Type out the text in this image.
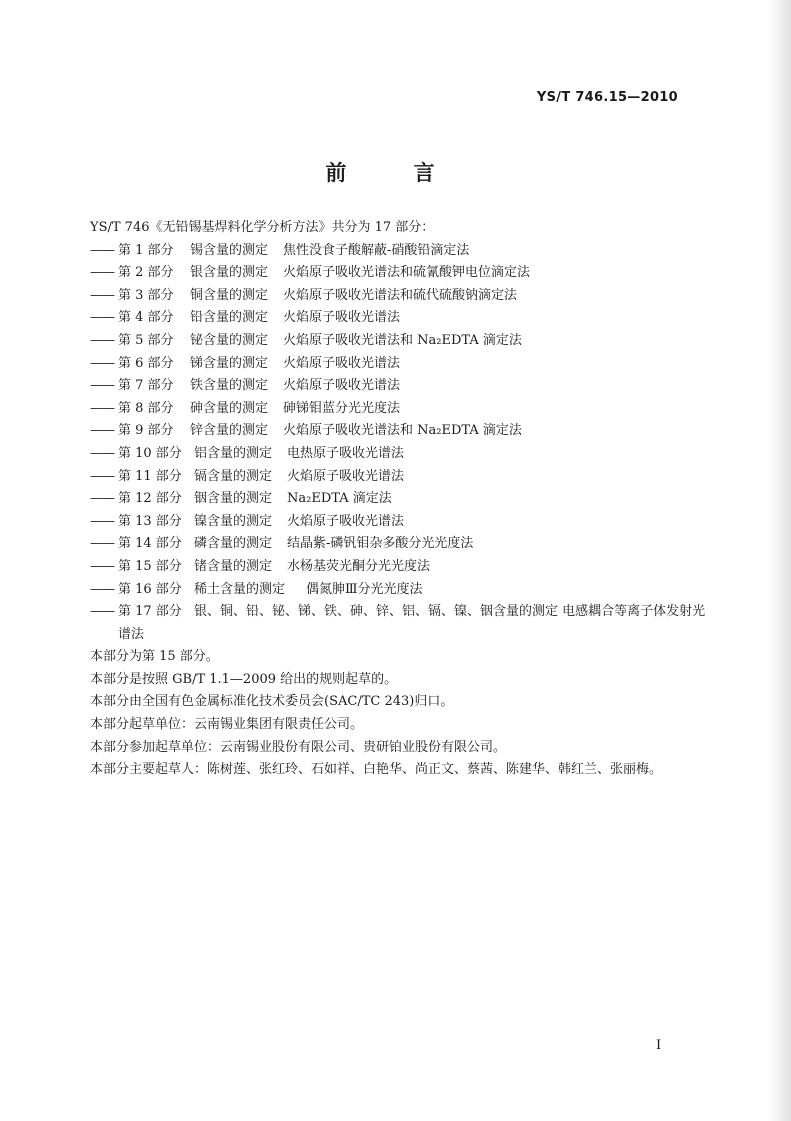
YS/T 746.15—2010
前 言
YS/T 746《无铅锡基焊料化学分析方法》共分为 17 部分：
—— 第 1 部分 锡含量的测定 焦性没食子酸解蔽-硝酸铅滴定法
—— 第 2 部分 银含量的测定 火焰原子吸收光谱法和硫氰酸钾电位滴定法
—— 第 3 部分 铜含量的测定 火焰原子吸收光谱法和硫代硫酸钠滴定法
—— 第 4 部分 铅含量的测定 火焰原子吸收光谱法
—— 第 5 部分 铋含量的测定 火焰原子吸收光谱法和 Na₂EDTA 滴定法
—— 第 6 部分 锑含量的测定 火焰原子吸收光谱法
—— 第 7 部分 铁含量的测定 火焰原子吸收光谱法
—— 第 8 部分 砷含量的测定 砷锑钼蓝分光光度法
—— 第 9 部分 锌含量的测定 火焰原子吸收光谱法和 Na₂EDTA 滴定法
—— 第 10 部分 铝含量的测定 电热原子吸收光谱法
—— 第 11 部分 镉含量的测定 火焰原子吸收光谱法
—— 第 12 部分 铟含量的测定 Na₂EDTA 滴定法
—— 第 13 部分 镍含量的测定 火焰原子吸收光谱法
—— 第 14 部分 磷含量的测定 结晶紫-磷钒钼杂多酸分光光度法
—— 第 15 部分 锗含量的测定 水杨基荧光酮分光光度法
—— 第 16 部分 稀土含量的测定 偶氮胂Ⅲ分光光度法
—— 第 17 部分 银、铜、铅、铋、锑、铁、砷、锌、铝、镉、镍、铟含量的测定 电感耦合等离子体发射光
谱法
本部分为第 15 部分。
本部分是按照 GB/T 1.1—2009 给出的规则起草的。
本部分由全国有色金属标准化技术委员会(SAC/TC 243)归口。
本部分起草单位：云南锡业集团有限责任公司。
本部分参加起草单位：云南锡业股份有限公司、贵研铂业股份有限公司。
本部分主要起草人：陈树莲、张红玲、石如祥、白艳华、尚正文、蔡茜、陈建华、韩红兰、张丽梅。
I
